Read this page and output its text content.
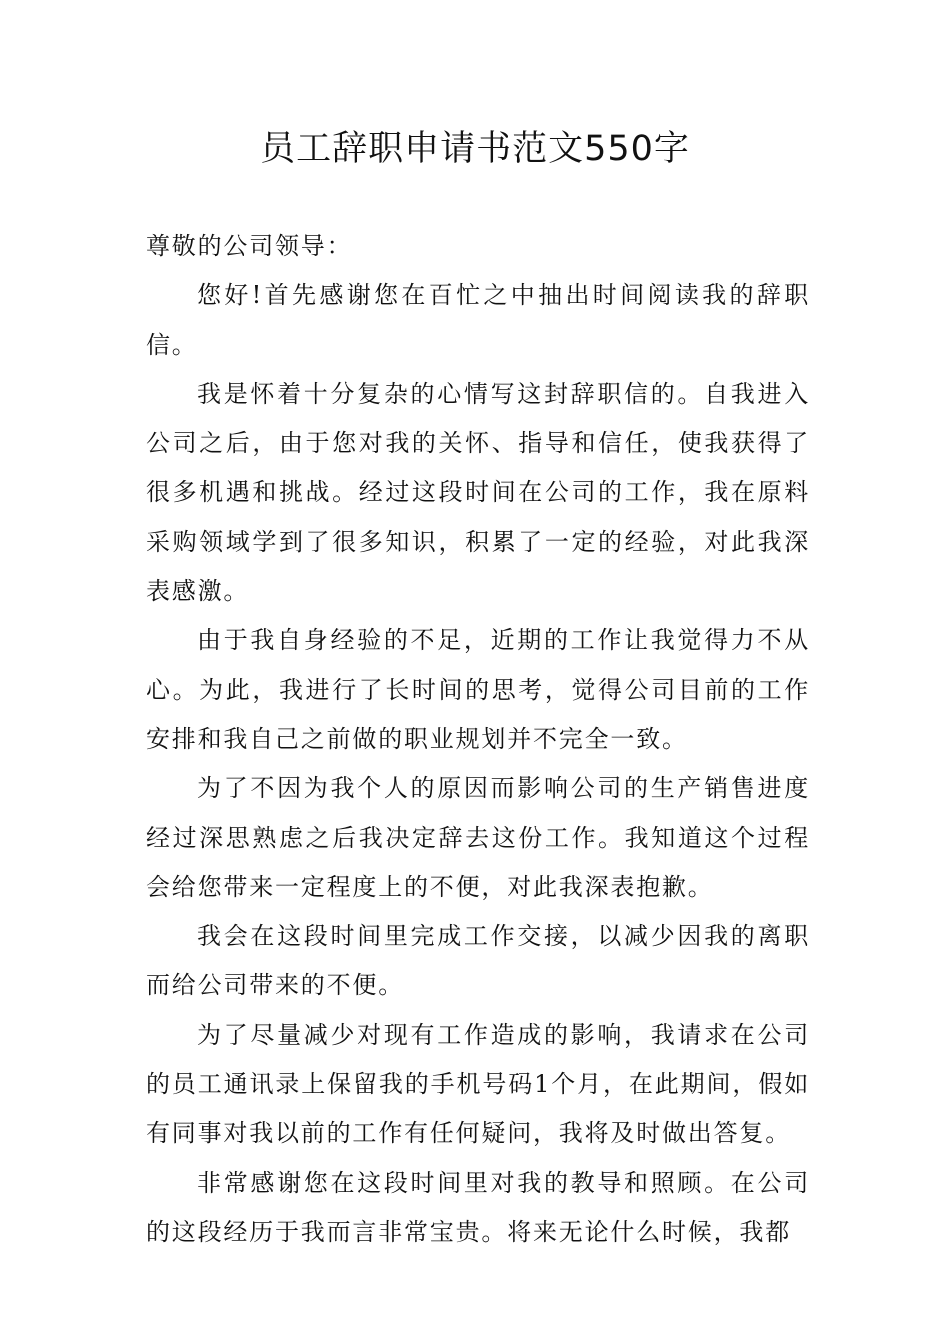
员工辞职申请书范文550字

尊敬的公司领导：

您好!首先感谢您在百忙之中抽出时间阅读我的辞职信。

我是怀着十分复杂的心情写这封辞职信的。自我进入公司之后，由于您对我的关怀、指导和信任，使我获得了很多机遇和挑战。经过这段时间在公司的工作，我在原料采购领域学到了很多知识，积累了一定的经验，对此我深表感激。

由于我自身经验的不足，近期的工作让我觉得力不从心。为此，我进行了长时间的思考，觉得公司目前的工作安排和我自己之前做的职业规划并不完全一致。

为了不因为我个人的原因而影响公司的生产销售进度经过深思熟虑之后我决定辞去这份工作。我知道这个过程会给您带来一定程度上的不便，对此我深表抱歉。

我会在这段时间里完成工作交接，以减少因我的离职而给公司带来的不便。

为了尽量减少对现有工作造成的影响，我请求在公司的员工通讯录上保留我的手机号码1个月，在此期间，假如有同事对我以前的工作有任何疑问，我将及时做出答复。

非常感谢您在这段时间里对我的教导和照顾。在公司的这段经历于我而言非常宝贵。将来无论什么时候，我都
